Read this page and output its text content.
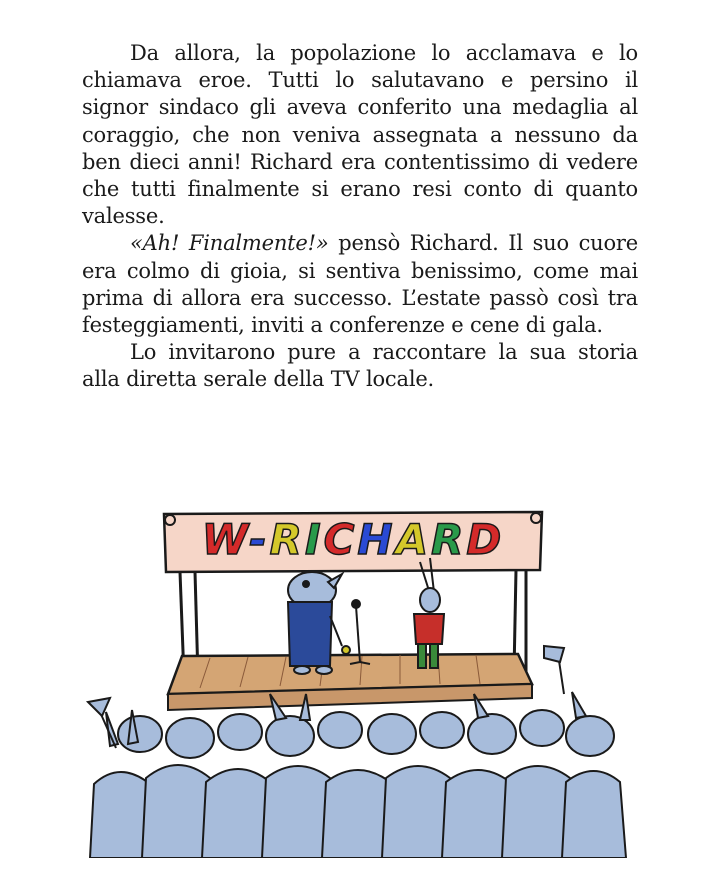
Da allora, la popolazione lo acclamava e lo chiamava eroe. Tutti lo salutavano e persino il signor sindaco gli aveva conferito una medaglia al coraggio, che non veniva assegnata a nessuno da ben dieci anni! Richard era contentissimo di vedere che tutti finalmente si erano resi conto di quanto valesse.

«Ah! Finalmente!» pensò Richard. Il suo cuore era colmo di gioia, si sentiva benissimo, come mai prima di allora era successo. L’estate passò così tra festeggiamenti, inviti a conferenze e cene di gala.

Lo invitarono pure a raccontare la sua storia alla diretta serale della TV locale.

W-RICHARD
